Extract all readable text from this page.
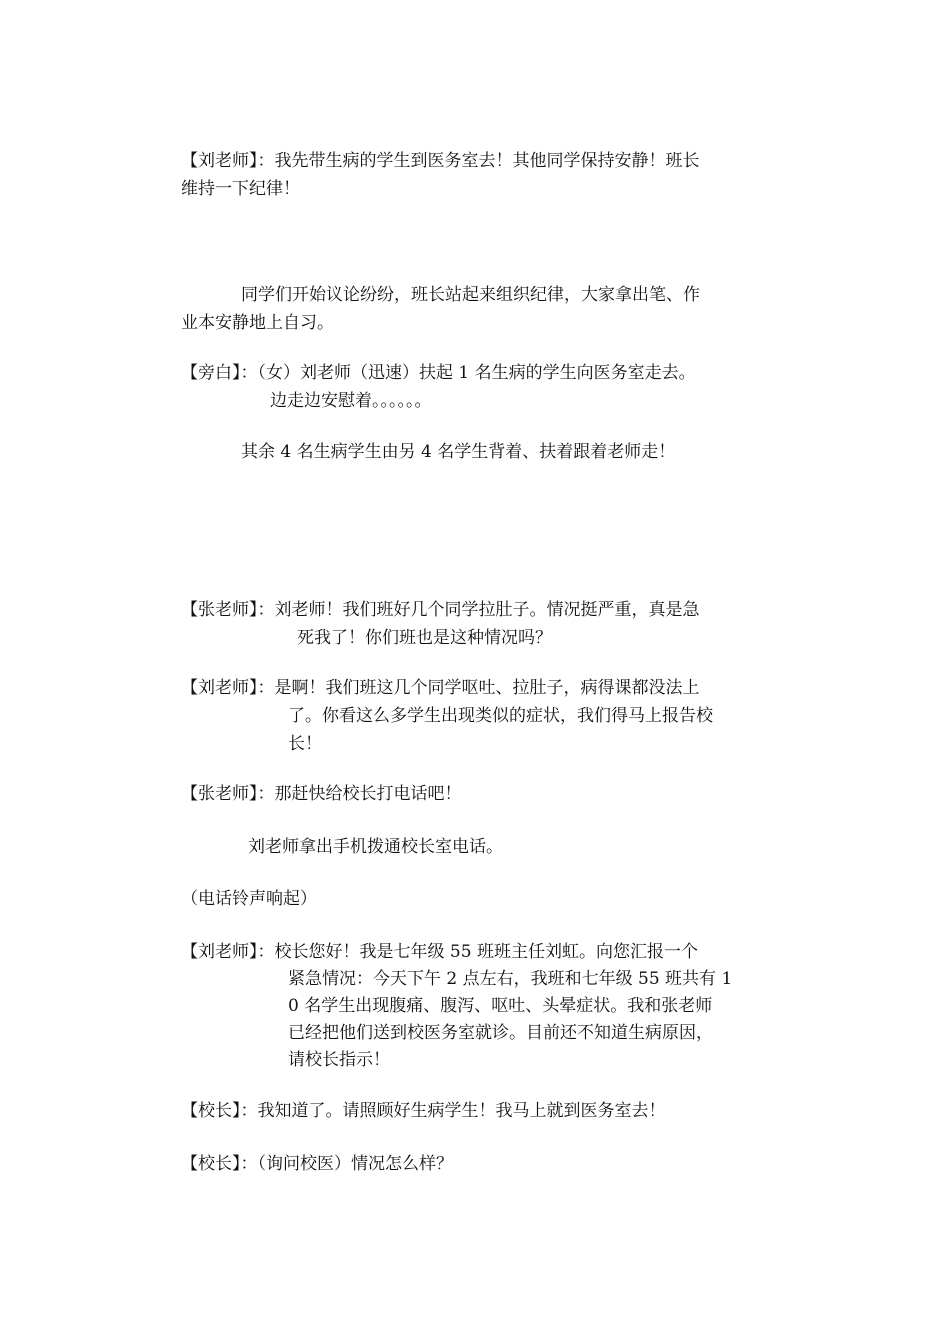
【刘老师】：我先带生病的学生到医务室去！其他同学保持安静！班长
维持一下纪律！
同学们开始议论纷纷，班长站起来组织纪律，大家拿出笔、作
业本安静地上自习。
【旁白】：（女）刘老师（迅速）扶起 1 名生病的学生向医务室走去。
边走边安慰着。。。。。。
其余 4 名生病学生由另 4 名学生背着、扶着跟着老师走！
【张老师】：刘老师！我们班好几个同学拉肚子。情况挺严重，真是急
死我了！你们班也是这种情况吗？
【刘老师】：是啊！我们班这几个同学呕吐、拉肚子，病得课都没法上
了。你看这么多学生出现类似的症状，我们得马上报告校
长！
【张老师】：那赶快给校长打电话吧！
刘老师拿出手机拨通校长室电话。
（电话铃声响起）
【刘老师】：校长您好！我是七年级 55 班班主任刘虹。向您汇报一个
紧急情况：今天下午 2 点左右，我班和七年级 55 班共有 1
0 名学生出现腹痛、腹泻、呕吐、头晕症状。我和张老师
已经把他们送到校医务室就诊。目前还不知道生病原因，
请校长指示！
【校长】：我知道了。请照顾好生病学生！我马上就到医务室去！
【校长】：（询问校医）情况怎么样？
